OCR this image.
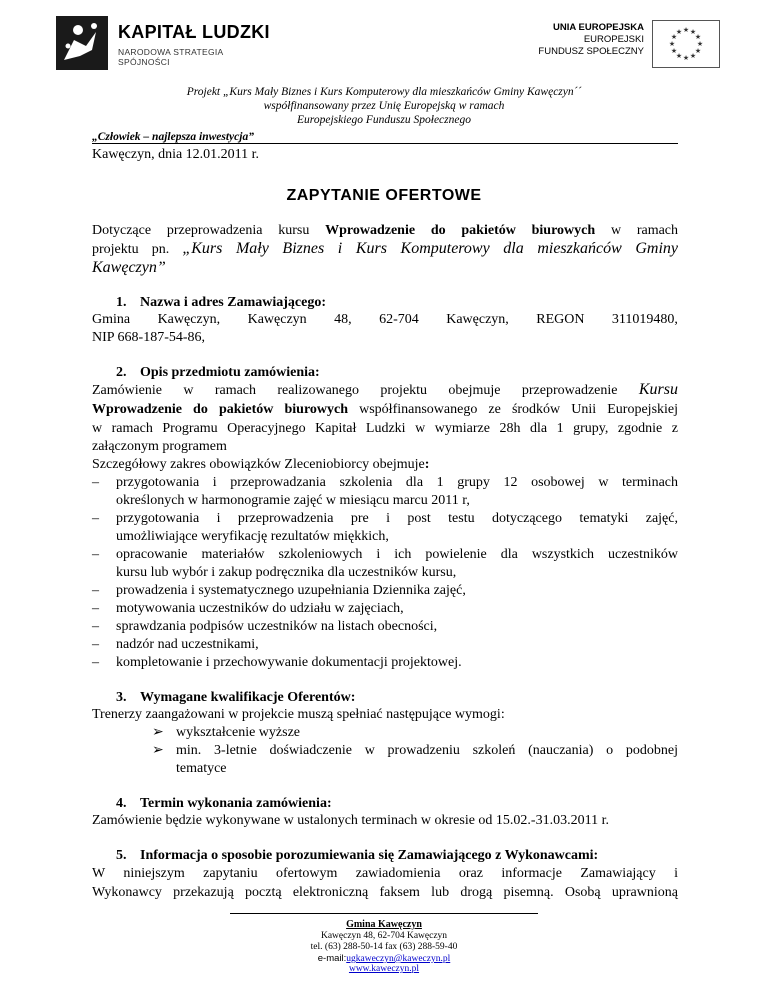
KAPITAŁ LUDZKI
NARODOWA STRATEGIA SPÓJNOŚCI
UNIA EUROPEJSKA
EUROPEJSKI
FUNDUSZ SPOŁECZNY
★ ★
★
★
★
★
★
★
★
★
★
★
Projekt „Kurs Mały Biznes i Kurs Komputerowy dla mieszkańców Gminy Kawęczyn´´
współfinansowany przez Unię Europejską w ramach
Europejskiego Funduszu Społecznego
„Człowiek – najlepsza inwestycja”
Kawęczyn, dnia 12.01.2011 r.
ZAPYTANIE OFERTOWE
Dotyczące przeprowadzenia kursu Wprowadzenie do pakietów biurowych w ramach
projektu pn. „Kurs Mały Biznes i Kurs Komputerowy dla mieszkańców Gminy
Kawęczyn”
1. Nazwa i adres Zamawiającego:
Gmina Kawęczyn, Kawęczyn 48, 62-704 Kawęczyn, REGON 311019480,
NIP 668-187-54-86,
2. Opis przedmiotu zamówienia:
Zamówienie w ramach realizowanego projektu obejmuje przeprowadzenie Kursu
Wprowadzenie do pakietów biurowych współfinansowanego ze środków Unii Europejskiej
w ramach Programu Operacyjnego Kapitał Ludzki w wymiarze 28h dla 1 grupy, zgodnie z
załączonym programem
Szczegółowy zakres obowiązków Zleceniobiorcy obejmuje:
– przygotowania i przeprowadzania szkolenia dla 1 grupy 12 osobowej w terminach
określonych w harmonogramie zajęć w miesiącu marcu 2011 r,
– przygotowania i przeprowadzenia pre i post testu dotyczącego tematyki zajęć,
umożliwiające weryfikację rezultatów miękkich,
– opracowanie materiałów szkoleniowych i ich powielenie dla wszystkich uczestników
kursu lub wybór i zakup podręcznika dla uczestników kursu,
– prowadzenia i systematycznego uzupełniania Dziennika zajęć,
– motywowania uczestników do udziału w zajęciach,
– sprawdzania podpisów uczestników na listach obecności,
– nadzór nad uczestnikami,
– kompletowanie i przechowywanie dokumentacji projektowej.
3. Wymagane kwalifikacje Oferentów:
Trenerzy zaangażowani w projekcie muszą spełniać następujące wymogi:
➢ wykształcenie wyższe
➢ min. 3-letnie doświadczenie w prowadzeniu szkoleń (nauczania) o podobnej
tematyce
4. Termin wykonania zamówienia:
Zamówienie będzie wykonywane w ustalonych terminach w okresie od 15.02.-31.03.2011 r.
5. Informacja o sposobie porozumiewania się Zamawiającego z Wykonawcami:
W niniejszym zapytaniu ofertowym zawiadomienia oraz informacje Zamawiający i
Wykonawcy przekazują pocztą elektroniczną faksem lub drogą pisemną. Osobą uprawnioną
Gmina Kawęczyn
Kawęczyn 48, 62-704 Kawęczyn
tel. (63) 288-50-14 fax (63) 288-59-40
e-mail:ugkaweczyn@kaweczyn.pl
www.kaweczyn.pl
